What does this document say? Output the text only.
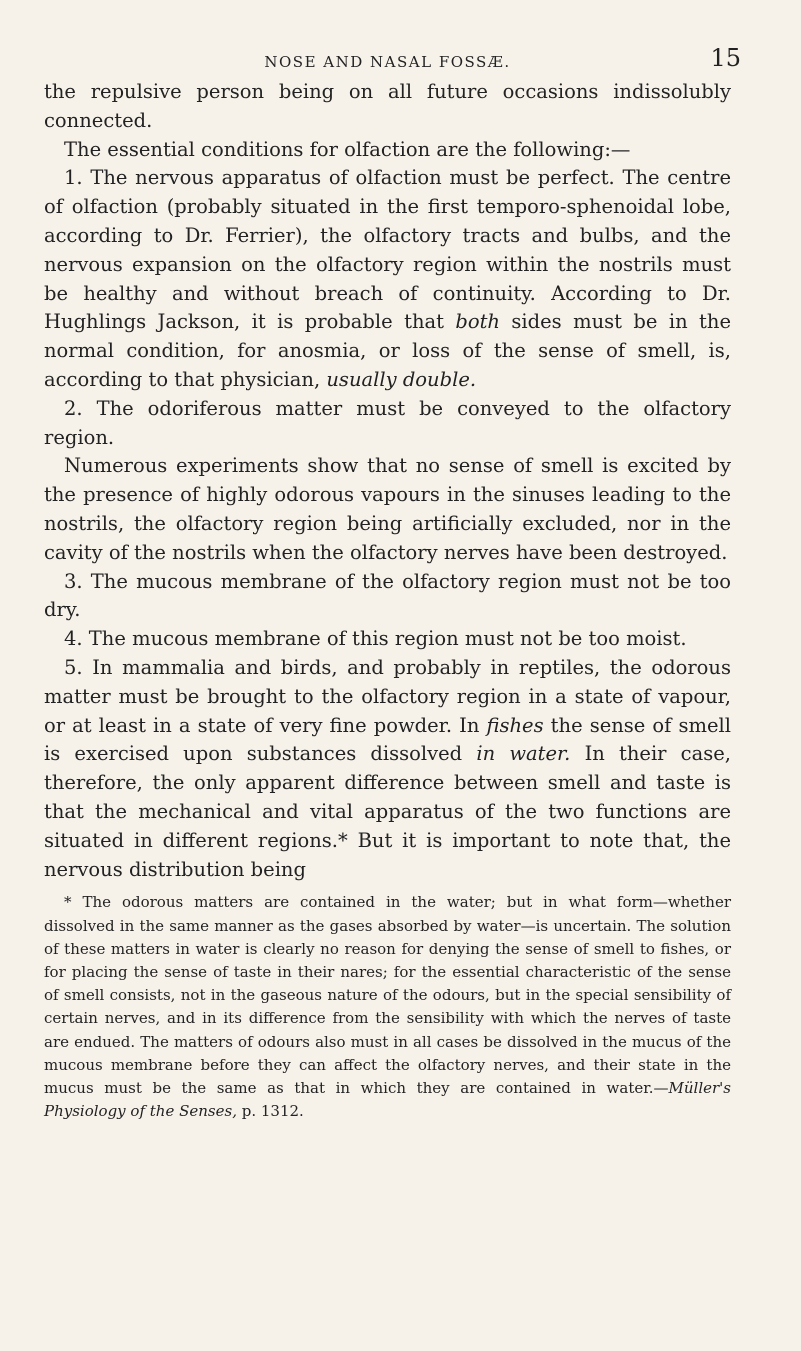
NOSE AND NASAL FOSSÆ.	15

the repulsive person being on all future occasions indissolubly connected.

The essential conditions for olfaction are the following:—

1. The nervous apparatus of olfaction must be perfect. The centre of olfaction (probably situated in the first temporo-sphenoidal lobe, according to Dr. Ferrier), the olfactory tracts and bulbs, and the nervous expansion on the olfactory region within the nostrils must be healthy and without breach of continuity. According to Dr. Hughlings Jackson, it is probable that both sides must be in the normal condition, for anosmia, or loss of the sense of smell, is, according to that physician, usually double.

2. The odoriferous matter must be conveyed to the olfactory region.

Numerous experiments show that no sense of smell is excited by the presence of highly odorous vapours in the sinuses leading to the nostrils, the olfactory region being artificially excluded, nor in the cavity of the nostrils when the olfactory nerves have been destroyed.

3. The mucous membrane of the olfactory region must not be too dry.

4. The mucous membrane of this region must not be too moist.

5. In mammalia and birds, and probably in reptiles, the odorous matter must be brought to the olfactory region in a state of vapour, or at least in a state of very fine powder. In fishes the sense of smell is exercised upon substances dissolved in water. In their case, therefore, the only apparent difference between smell and taste is that the mechanical and vital apparatus of the two functions are situated in different regions.* But it is important to note that, the nervous distribution being

* The odorous matters are contained in the water; but in what form—whether dissolved in the same manner as the gases absorbed by water—is uncertain. The solution of these matters in water is clearly no reason for denying the sense of smell to fishes, or for placing the sense of taste in their nares; for the essential characteristic of the sense of smell consists, not in the gaseous nature of the odours, but in the special sensibility of certain nerves, and in its difference from the sensibility with which the nerves of taste are endued. The matters of odours also must in all cases be dissolved in the mucus of the mucous membrane before they can affect the olfactory nerves, and their state in the mucus must be the same as that in which they are contained in water.—Müller's Physiology of the Senses, p. 1312.
